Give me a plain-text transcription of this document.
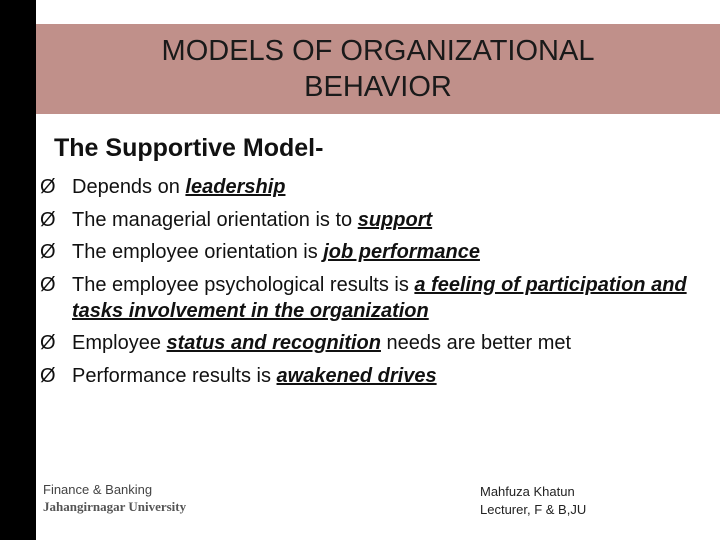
MODELS OF ORGANIZATIONAL
BEHAVIOR
The Supportive Model-
Ø Depends on leadership
Ø The managerial orientation is to support
Ø The employee orientation is job performance
Ø The employee psychological results is a feeling of participation and tasks involvement in the organization
Ø Employee status and recognition needs are better met
Ø Performance results is awakened drives
Finance & Banking
Jahangirnagar University
Mahfuza Khatun
Lecturer, F & B,JU
